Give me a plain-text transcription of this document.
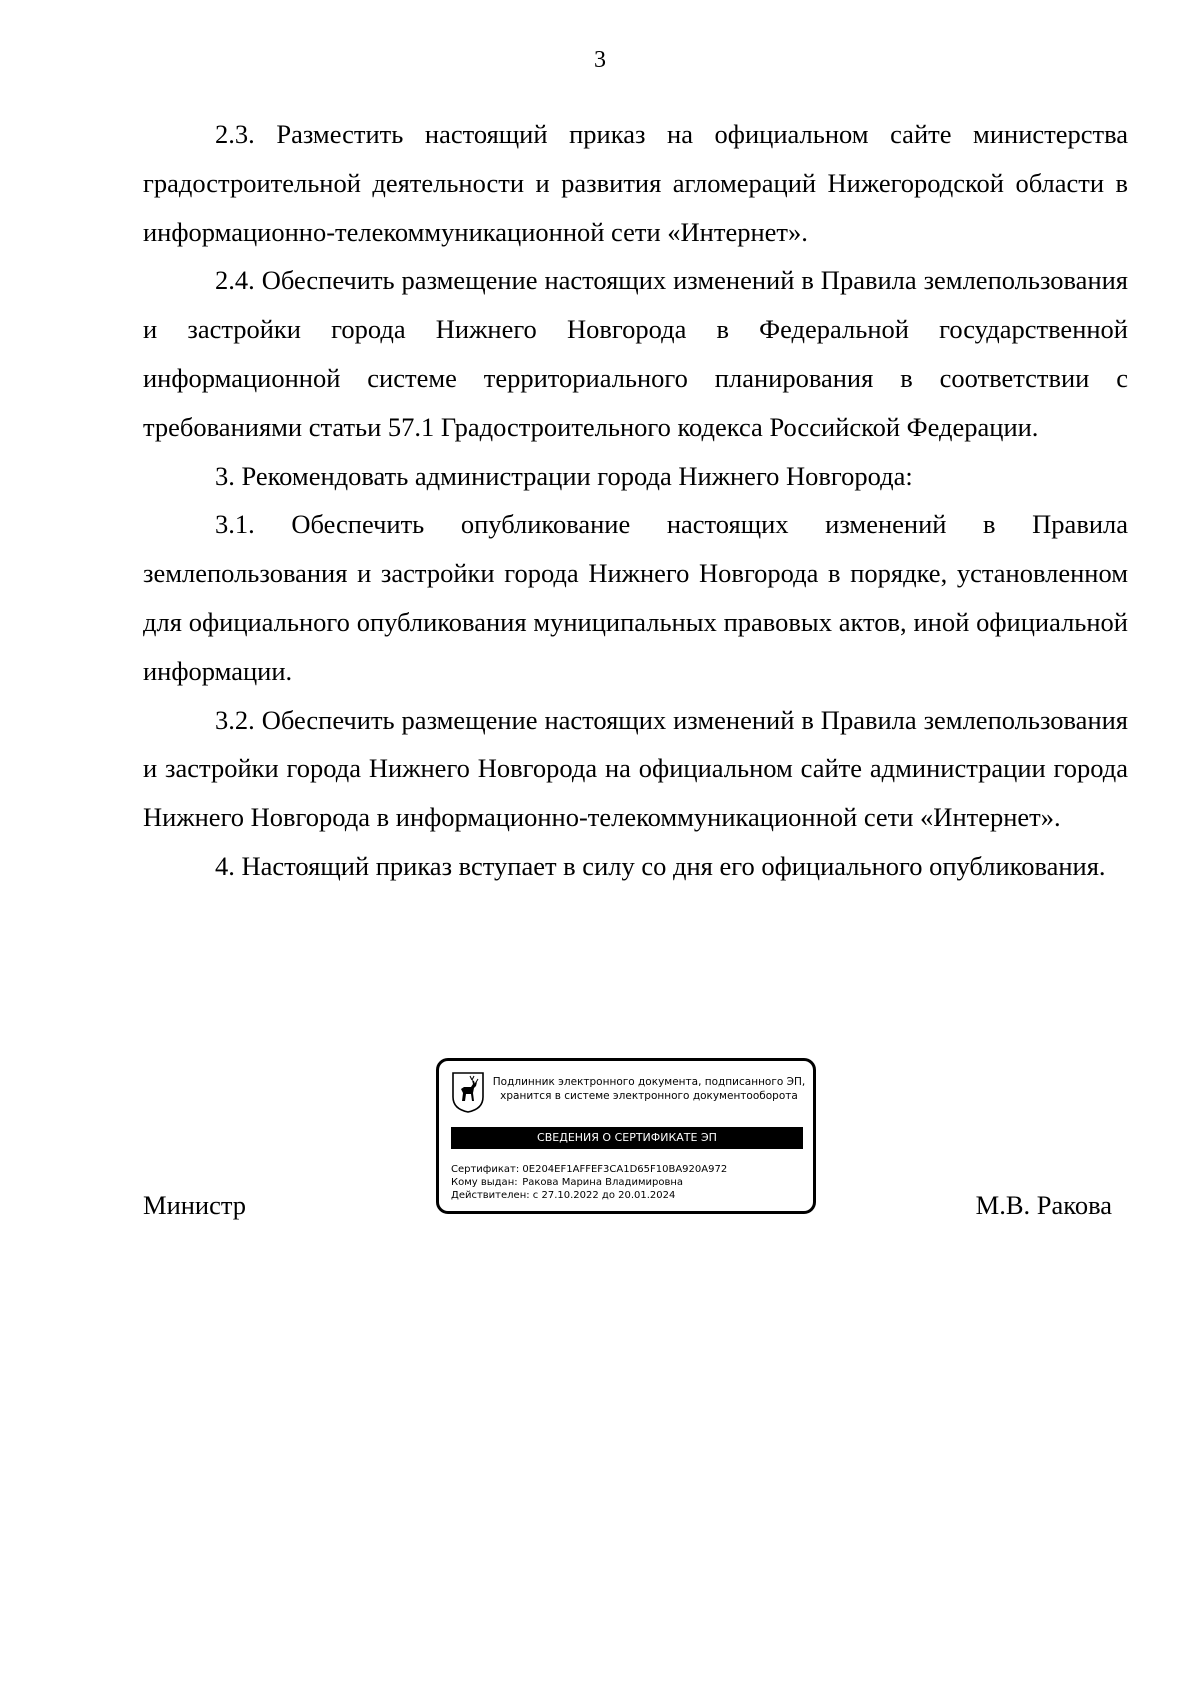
3

2.3. Разместить настоящий приказ на официальном сайте министерства градостроительной деятельности и развития агломераций Нижегородской области в информационно-телекоммуникационной сети «Интернет».

2.4. Обеспечить размещение настоящих изменений в Правила землепользования и застройки города Нижнего Новгорода в Федеральной государственной информационной системе территориального планирования в соответствии с требованиями статьи 57.1 Градостроительного кодекса Российской Федерации.

3. Рекомендовать администрации города Нижнего Новгорода:

3.1. Обеспечить опубликование настоящих изменений в Правила землепользования и застройки города Нижнего Новгорода в порядке, установленном для официального опубликования муниципальных правовых актов, иной официальной информации.

3.2. Обеспечить размещение настоящих изменений в Правила землепользования и застройки города Нижнего Новгорода на официальном сайте администрации города Нижнего Новгорода в информационно-телекоммуникационной сети «Интернет».

4. Настоящий приказ вступает в силу со дня его официального опубликования.

Министр
Подлинник электронного документа, подписанного ЭП,
хранится в системе электронного документооборота
СВЕДЕНИЯ О СЕРТИФИКАТЕ ЭП
Сертификат: 0E204EF1AFFEF3CA1D65F10BA920A972
Кому выдан: Ракова Марина Владимировна
Действителен: с 27.10.2022 до 20.01.2024	М.В. Ракова
